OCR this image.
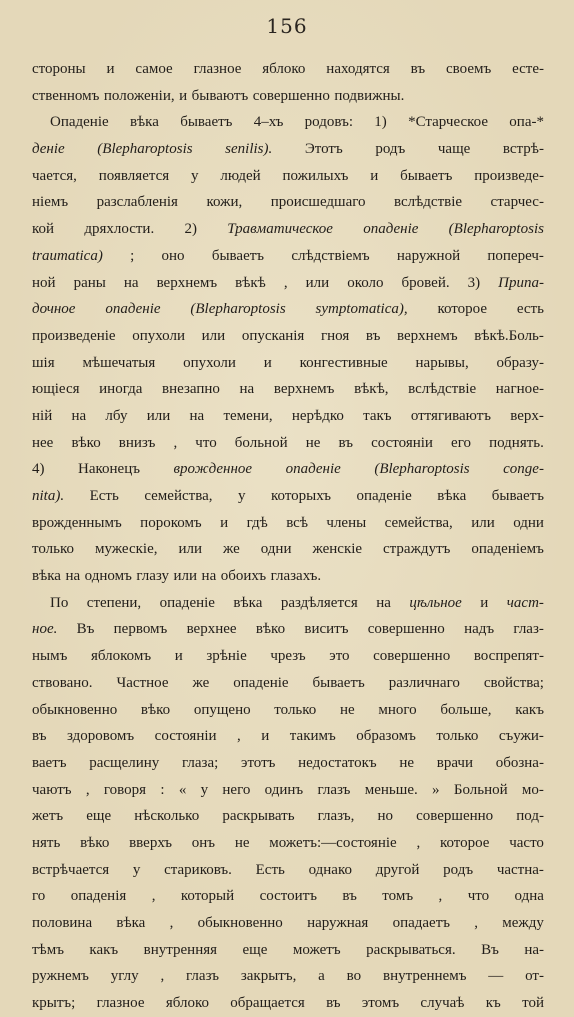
156
стороны и самое глазное яблоко находятся въ своемъ есте-
ственномъ положеніи, и бываютъ совершенно подвижны.
Опаденіе вѣка бываетъ 4–хъ родовъ: 1) *Старческое опа-*
деніе (Blepharoptosis senilis). Этотъ родъ чаще встрѣ-
чается, появляется у людей пожилыхъ и бываетъ произведе-
ніемъ разслабленія кожи, происшедшаго вслѣдствіе старчес-
кой дряхлости. 2) Травматическое опаденіе (Blepharoptosis
traumatica) ; оно бываетъ слѣдствіемъ наружной попереч-
ной раны на верхнемъ вѣкѣ , или около бровей. 3) Припа-
дочное опаденіе (Blepharoptosis symptomatica), которое есть
произведеніе опухоли или опусканія гноя въ верхнемъ вѣкѣ.Боль-
шія мѣшечатыя опухоли и конгестивные нарывы, образу-
ющіеся иногда внезапно на верхнемъ вѣкѣ, вслѣдствіе нагное-
ній на лбу или на темени, нерѣдко такъ оттягиваютъ верх-
нее вѣко внизъ , что больной не въ состояніи его поднять.
4) Наконецъ врожденное опаденіе (Blepharoptosis conge-
nita). Есть семейства, у которыхъ опаденіе вѣка бываетъ
врожденнымъ порокомъ и гдѣ всѣ члены семейства, или одни
только мужескіе, или же одни женскіе страждутъ опаденіемъ
вѣка на одномъ глазу или на обоихъ глазахъ.
По степени, опаденіе вѣка раздѣляется на цѣльное и част-
ное. Въ первомъ верхнее вѣко виситъ совершенно надъ глаз-
нымъ яблокомъ и зрѣніе чрезъ это совершенно воспрепят-
ствовано. Частное же опаденіе бываетъ различнаго свойства;
обыкновенно вѣко опущено только не много больше, какъ
въ здоровомъ состояніи , и такимъ образомъ только съужи-
ваетъ расщелину глаза; этотъ недостатокъ не врачи обозна-
чаютъ , говоря : « у него одинъ глазъ меньше. » Больной мо-
жетъ еще нѣсколько раскрывать глазъ, но совершенно под-
нять вѣко вверхъ онъ не можетъ:—состояніе , которое часто
встрѣчается у стариковъ. Есть однако другой родъ частна-
го опаденія , который состоитъ въ томъ , что одна
половина вѣка , обыкновенно наружная опадаетъ , между
тѣмъ какъ внутренняя еще можетъ раскрываться. Въ на-
ружнемъ углу , глазъ закрытъ, а во внутреннемъ — от-
крытъ; глазное яблоко обращается въ этомъ случаѣ къ той
